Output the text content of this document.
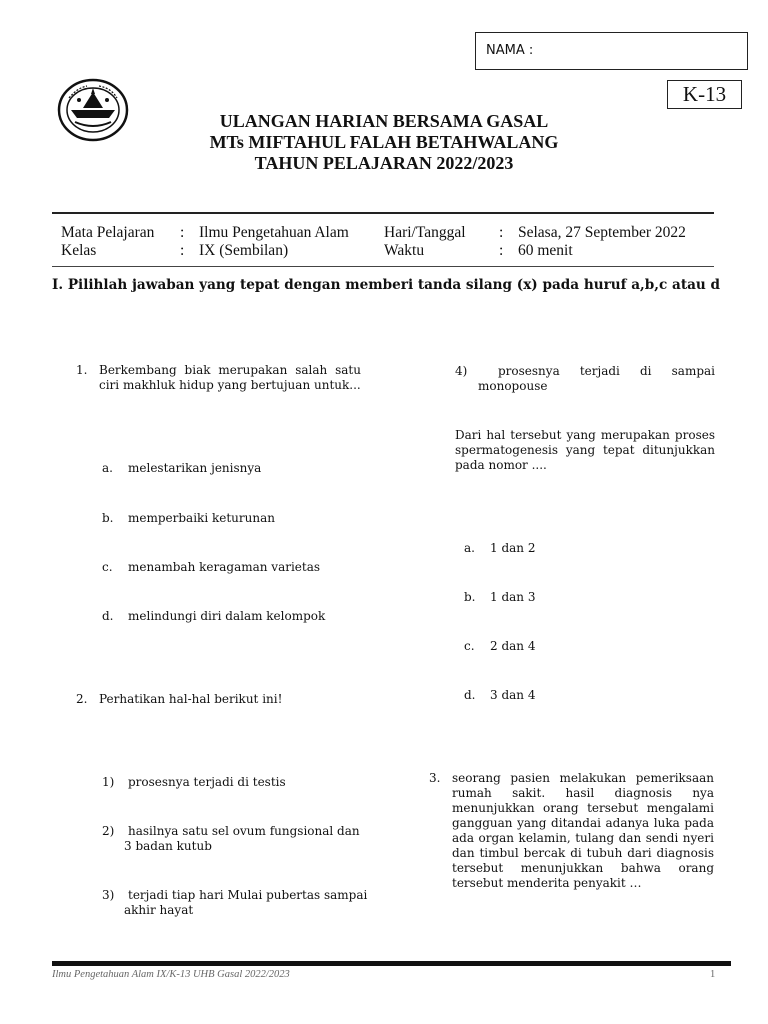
NAMA :
K-13
ULANGAN HARIAN BERSAMA GASAL
MTs MIFTAHUL FALAH BETAHWALANG
TAHUN PELAJARAN 2022/2023
Mata Pelajaran : Ilmu Pengetahuan Alam Hari/Tanggal : Selasa, 27 September 2022
Kelas	: IX (Sembilan)	Waktu	: 60 menit
I. Pilihlah jawaban yang tepat dengan memberi tanda silang (x) pada huruf a,b,c atau d
1. Berkembang biak merupakan salah satu
ciri makhluk hidup yang bertujuan untuk...
a. melestarikan jenisnya
b. memperbaiki keturunan
c. menambah keragaman varietas
d. melindungi diri dalam kelompok
2. Perhatikan hal-hal berikut ini!
1) prosesnya terjadi di testis
2) hasilnya satu sel ovum fungsional dan
3 badan kutub
3) terjadi tiap hari Mulai pubertas sampai
akhir hayat
4)	prosesnya terjadi di sampai
monopouse
Dari hal tersebut yang merupakan proses
spermatogenesis yang tepat ditunjukkan
pada nomor ....
a. 1 dan 2
b. 1 dan 3
c. 2 dan 4
d. 3 dan 4
3. seorang pasien melakukan pemeriksaan
rumah sakit. hasil diagnosis nya
menunjukkan orang tersebut mengalami
gangguan yang ditandai adanya luka pada
ada organ kelamin, tulang dan sendi nyeri
dan timbul bercak di tubuh dari diagnosis
tersebut menunjukkan bahwa orang
tersebut menderita penyakit …
Ilmu Pengetahuan Alam IX/K-13 UHB Gasal 2022/2023	1
